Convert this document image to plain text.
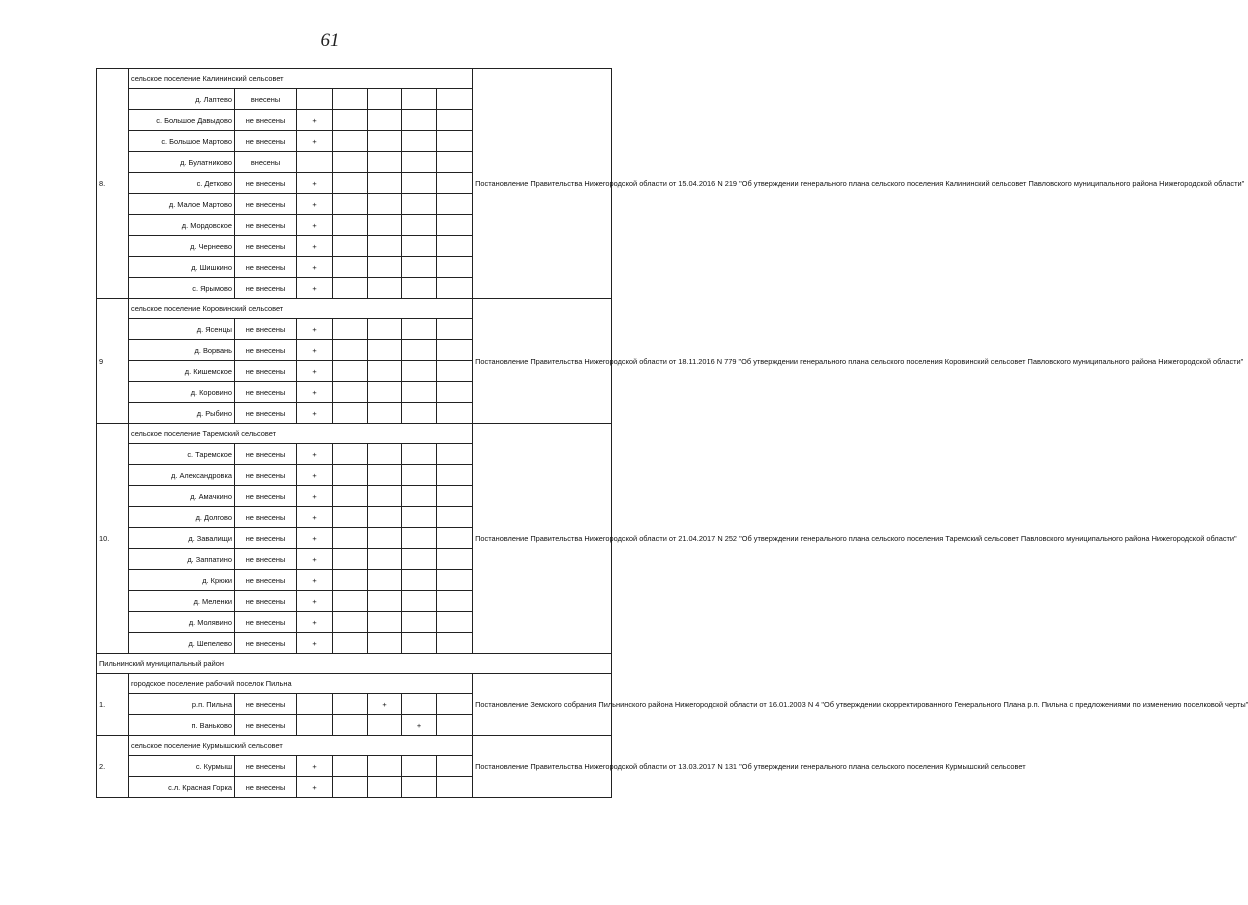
61
8.	сельское поселение Калининский сельсовет							Постановление Правительства Нижегородской области от 15.04.2016 N 219 "Об утверждении генерального плана сельского поселения Калининский сельсовет Павловского муниципального района Нижегородской области"
	д. Лаптево	внесены						
	с. Большое Давыдово	не внесены	+					
	с. Большое Мартово	не внесены	+					
	д. Булатниково	внесены						
	с. Детково	не внесены	+					
	д. Малое Мартово	не внесены	+					
	д. Мордовское	не внесены	+					
	д. Чернеево	не внесены	+					
	д. Шишкино	не внесены	+					
	с. Ярымово	не внесены	+					
9	сельское поселение Коровинский сельсовет							Постановление Правительства Нижегородской области от 18.11.2016 N 779 "Об утверждении генерального плана сельского поселения Коровинский сельсовет Павловского муниципального района Нижегородской области"
	д. Ясенцы	не внесены	+					
	д. Ворвань	не внесены	+					
	д. Кишемское	не внесены	+					
	д. Коровино	не внесены	+					
	д. Рыбино	не внесены	+					
10.	сельское поселение Таремский сельсовет							Постановление Правительства Нижегородской области от 21.04.2017 N 252 "Об утверждении генерального плана сельского поселения Таремский сельсовет Павловского муниципального района Нижегородской области"
	с. Таремское	не внесены	+					
	д. Александровка	не внесены	+					
	д. Амачкино	не внесены	+					
	д. Долгово	не внесены	+					
	д. Завалищи	не внесены	+					
	д. Заппатино	не внесены	+					
	д. Крюки	не внесены	+					
	д. Меленки	не внесены	+					
	д. Молявино	не внесены	+					
	д. Шепелево	не внесены	+					
Пильнинский муниципальный район								
1.	городское поселение рабочий поселок Пильна							Постановление Земского собрания Пильнинского района Нижегородской области от 16.01.2003 N 4 "Об утверждении скорректированного Генерального Плана р.п. Пильна с предложениями по изменению поселковой черты"
	р.п. Пильна	не внесены			+			
	п. Ваньково	не внесены				+		
2.	сельское поселение Курмышский сельсовет							Постановление Правительства Нижегородской области от 13.03.2017 N 131 "Об утверждении генерального плана сельского поселения Курмышский сельсовет
	с. Курмыш	не внесены	+					
	с.л. Красная Горка	не внесены	+					
